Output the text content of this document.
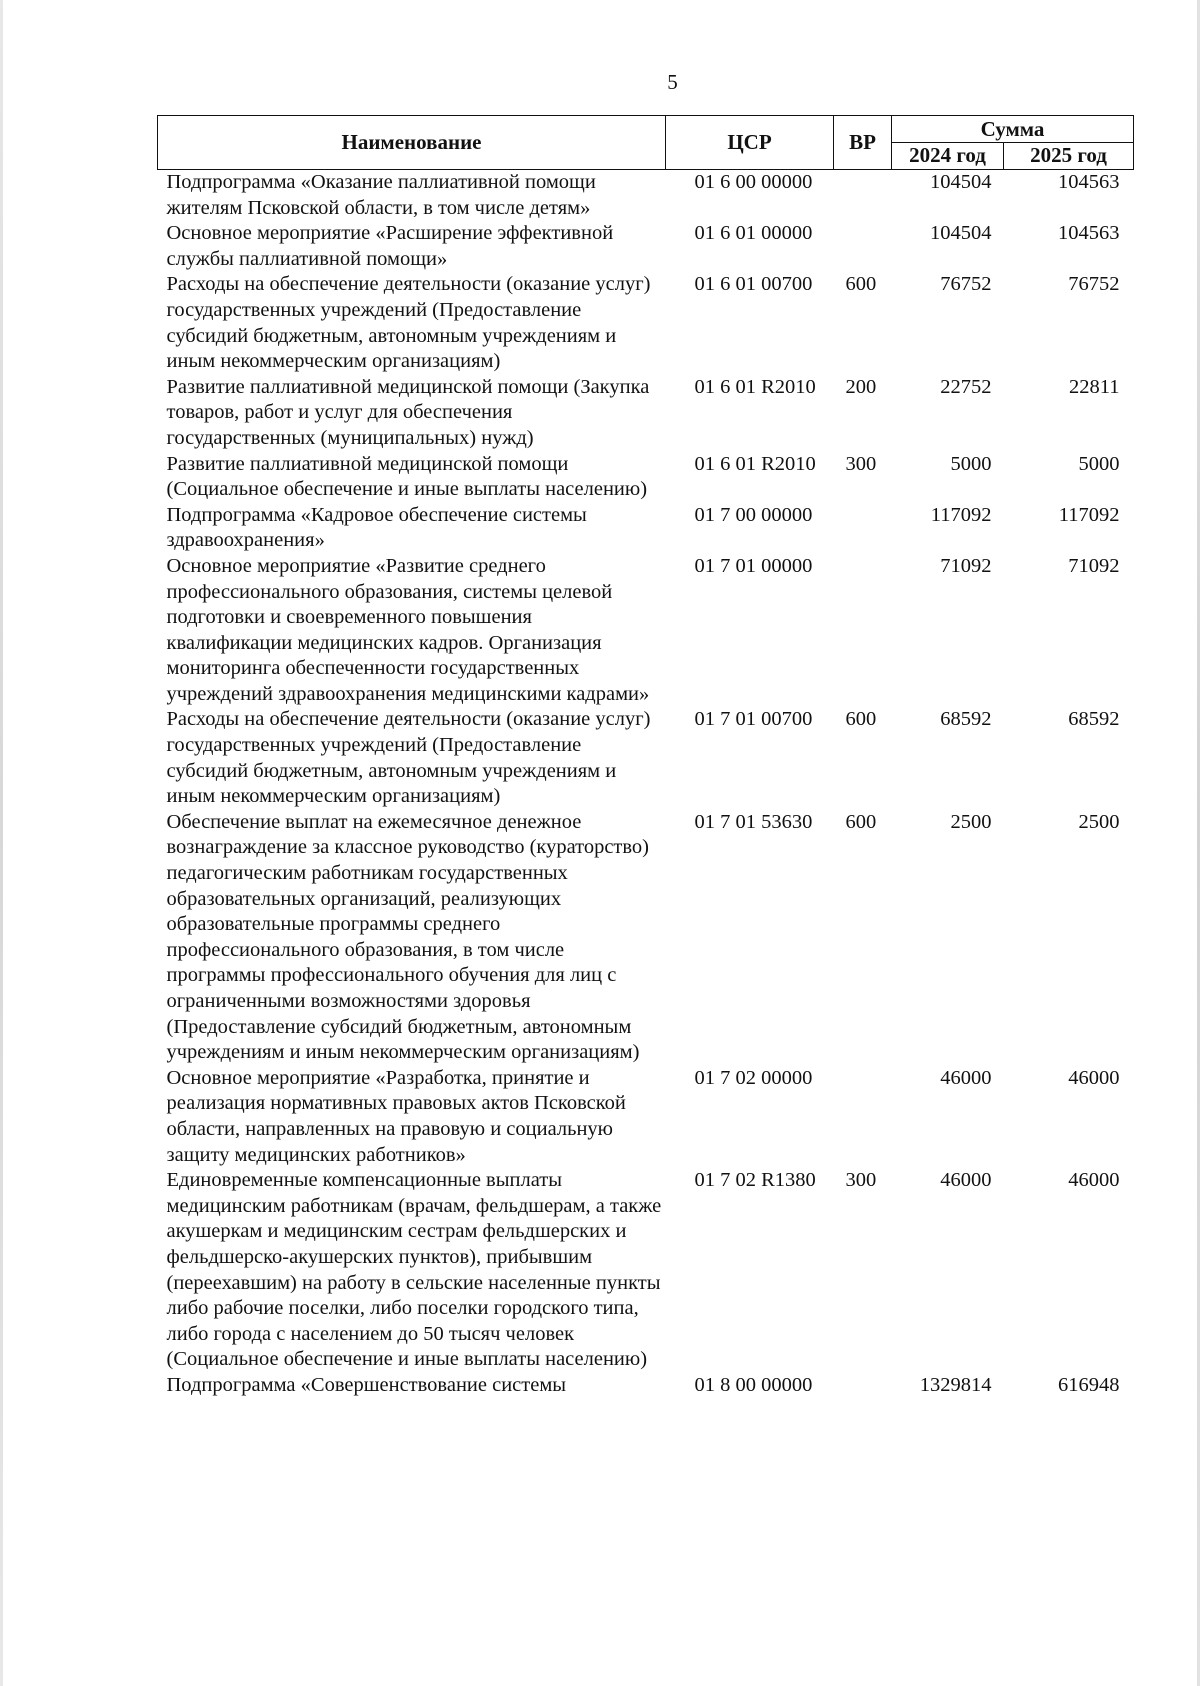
5
Наименование	ЦСР	ВР	Сумма	
			2024 год	2025 год
Подпрограмма «Оказание паллиативной помощи жителям Псковской области, в том числе детям»	01 6 00 00000		104504	104563
Основное мероприятие «Расширение эффективной службы паллиативной помощи»	01 6 01 00000		104504	104563
Расходы на обеспечение деятельности (оказание услуг) государственных учреждений (Предоставление субсидий бюджетным, автономным учреждениям и иным некоммерческим организациям)	01 6 01 00700	600	76752	76752
Развитие паллиативной медицинской помощи (Закупка товаров, работ и услуг для обеспечения государственных (муниципальных) нужд)	01 6 01 R2010	200	22752	22811
Развитие паллиативной медицинской помощи (Социальное обеспечение и иные выплаты населению)	01 6 01 R2010	300	5000	5000
Подпрограмма «Кадровое обеспечение системы здравоохранения»	01 7 00 00000		117092	117092
Основное мероприятие «Развитие среднего профессионального образования, системы целевой подготовки и своевременного повышения квалификации медицинских кадров. Организация мониторинга обеспеченности государственных учреждений здравоохранения медицинскими кадрами»	01 7 01 00000		71092	71092
Расходы на обеспечение деятельности (оказание услуг) государственных учреждений (Предоставление субсидий бюджетным, автономным учреждениям и иным некоммерческим организациям)	01 7 01 00700	600	68592	68592
Обеспечение выплат на ежемесячное денежное вознаграждение за классное руководство (кураторство) педагогическим работникам государственных образовательных организаций, реализующих образовательные программы среднего профессионального образования, в том числе программы профессионального обучения для лиц с ограниченными возможностями здоровья (Предоставление субсидий бюджетным, автономным учреждениям и иным некоммерческим организациям)	01 7 01 53630	600	2500	2500
Основное мероприятие «Разработка, принятие и реализация нормативных правовых актов Псковской области, направленных на правовую и социальную защиту медицинских работников»	01 7 02 00000		46000	46000
Единовременные компенсационные выплаты медицинским работникам (врачам, фельдшерам, а также акушеркам и медицинским сестрам фельдшерских и фельдшерско-акушерских пунктов), прибывшим (переехавшим) на работу в сельские населенные пункты либо рабочие поселки, либо поселки городского типа, либо города с населением до 50 тысяч человек (Социальное обеспечение и иные выплаты населению)	01 7 02 R1380	300	46000	46000
Подпрограмма «Совершенствование системы	01 8 00 00000		1329814	616948
